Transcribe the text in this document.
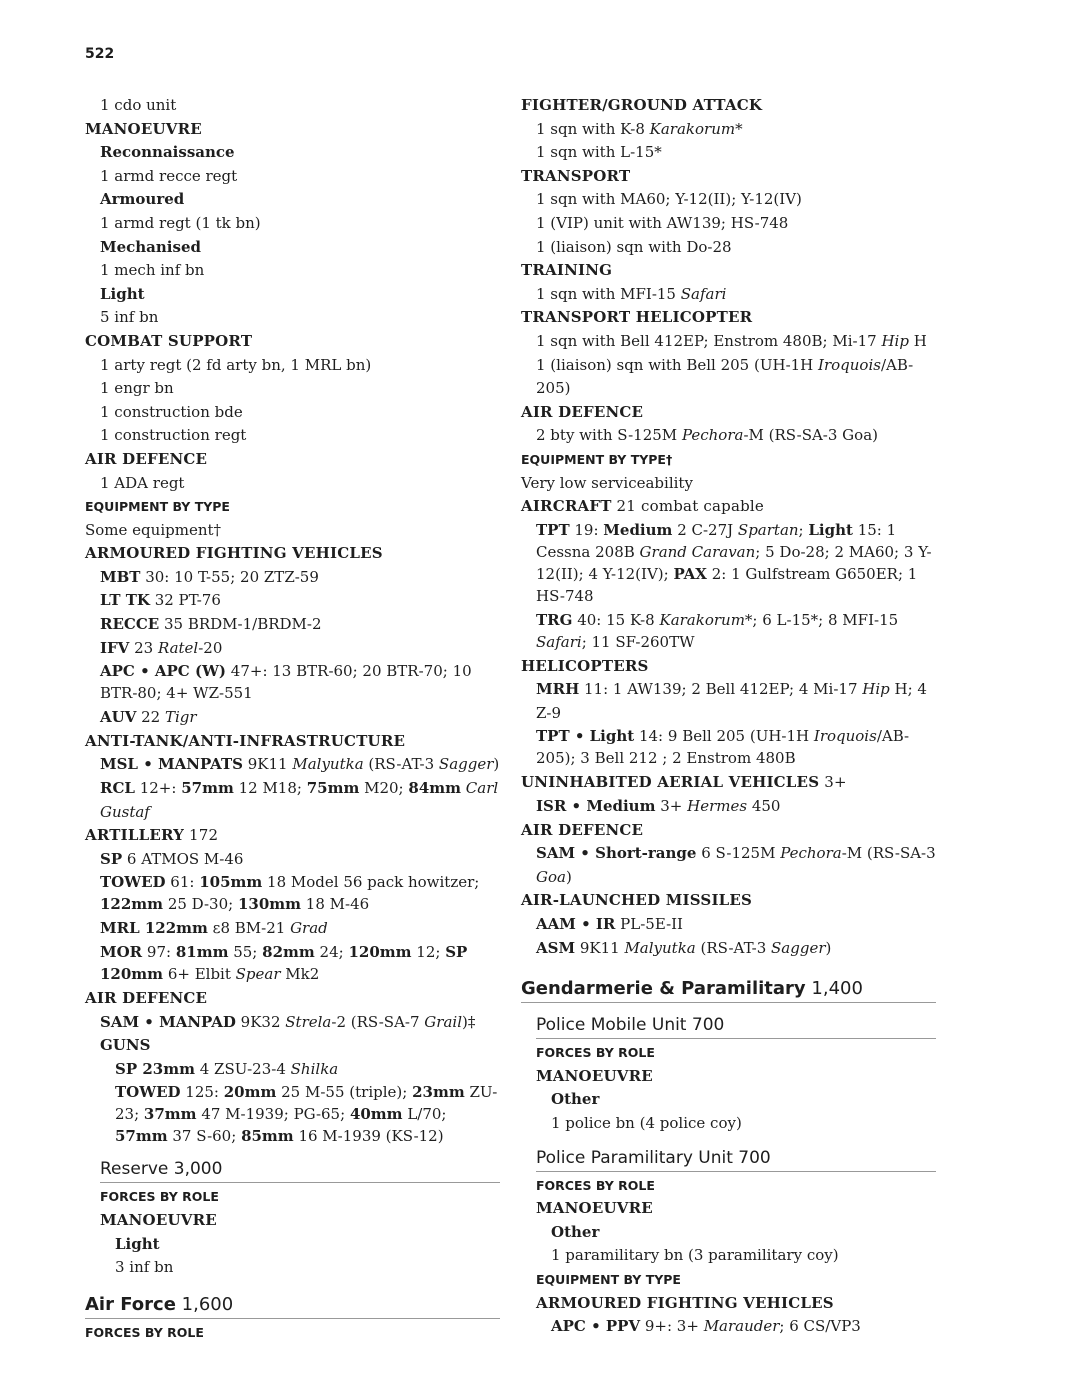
522
1 cdo unit
MANOEUVRE
Reconnaissance
1 armd recce regt
Armoured
1 armd regt (1 tk bn)
Mechanised
1 mech inf bn
Light
5 inf bn
COMBAT SUPPORT
1 arty regt (2 fd arty bn, 1 MRL bn)
1 engr bn
1 construction bde
1 construction regt
AIR DEFENCE
1 ADA regt
EQUIPMENT BY TYPE
Some equipment†
ARMOURED FIGHTING VEHICLES
MBT 30: 10 T-55; 20 ZTZ-59
LT TK 32 PT-76
RECCE 35 BRDM-1/BRDM-2
IFV 23 Ratel-20
APC • APC (W) 47+: 13 BTR-60; 20 BTR-70; 10 BTR-80; 4+ WZ-551
AUV 22 Tigr
ANTI-TANK/ANTI-INFRASTRUCTURE
MSL • MANPATS 9K11 Malyutka (RS-AT-3 Sagger)
RCL 12+: 57mm 12 M18; 75mm M20; 84mm Carl Gustaf
ARTILLERY 172
SP 6 ATMOS M-46
TOWED 61: 105mm 18 Model 56 pack howitzer; 122mm 25 D-30; 130mm 18 M-46
MRL 122mm ε8 BM-21 Grad
MOR 97: 81mm 55; 82mm 24; 120mm 12; SP 120mm 6+ Elbit Spear Mk2
AIR DEFENCE
SAM • MANPAD 9K32 Strela-2 (RS-SA-7 Grail)‡
GUNS
SP 23mm 4 ZSU-23-4 Shilka
TOWED 125: 20mm 25 M-55 (triple); 23mm ZU-23; 37mm 47 M-1939; PG-65; 40mm L/70; 57mm 37 S-60; 85mm 16 M-1939 (KS-12)
Reserve 3,000
FORCES BY ROLE
MANOEUVRE
Light
3 inf bn
Air Force 1,600
FORCES BY ROLE
FIGHTER/GROUND ATTACK
1 sqn with K-8 Karakorum*
1 sqn with L-15*
TRANSPORT
1 sqn with MA60; Y-12(II); Y-12(IV)
1 (VIP) unit with AW139; HS-748
1 (liaison) sqn with Do-28
TRAINING
1 sqn with MFI-15 Safari
TRANSPORT HELICOPTER
1 sqn with Bell 412EP; Enstrom 480B; Mi-17 Hip H
1 (liaison) sqn with Bell 205 (UH-1H Iroquois/AB-205)
AIR DEFENCE
2 bty with S-125M Pechora-M (RS-SA-3 Goa)
EQUIPMENT BY TYPE†
Very low serviceability
AIRCRAFT 21 combat capable
TPT 19: Medium 2 C-27J Spartan; Light 15: 1 Cessna 208B Grand Caravan; 5 Do-28; 2 MA60; 3 Y-12(II); 4 Y-12(IV); PAX 2: 1 Gulfstream G650ER; 1 HS-748
TRG 40: 15 K-8 Karakorum*; 6 L-15*; 8 MFI-15 Safari; 11 SF-260TW
HELICOPTERS
MRH 11: 1 AW139; 2 Bell 412EP; 4 Mi-17 Hip H; 4 Z-9
TPT • Light 14: 9 Bell 205 (UH-1H Iroquois/AB-205); 3 Bell 212 ; 2 Enstrom 480B
UNINHABITED AERIAL VEHICLES 3+
ISR • Medium 3+ Hermes 450
AIR DEFENCE
SAM • Short-range 6 S-125M Pechora-M (RS-SA-3 Goa)
AIR-LAUNCHED MISSILES
AAM • IR PL-5E-II
ASM 9K11 Malyutka (RS-AT-3 Sagger)
Gendarmerie & Paramilitary 1,400
Police Mobile Unit 700
FORCES BY ROLE
MANOEUVRE
Other
1 police bn (4 police coy)
Police Paramilitary Unit 700
FORCES BY ROLE
MANOEUVRE
Other
1 paramilitary bn (3 paramilitary coy)
EQUIPMENT BY TYPE
ARMOURED FIGHTING VEHICLES
APC • PPV 9+: 3+ Marauder; 6 CS/VP3
